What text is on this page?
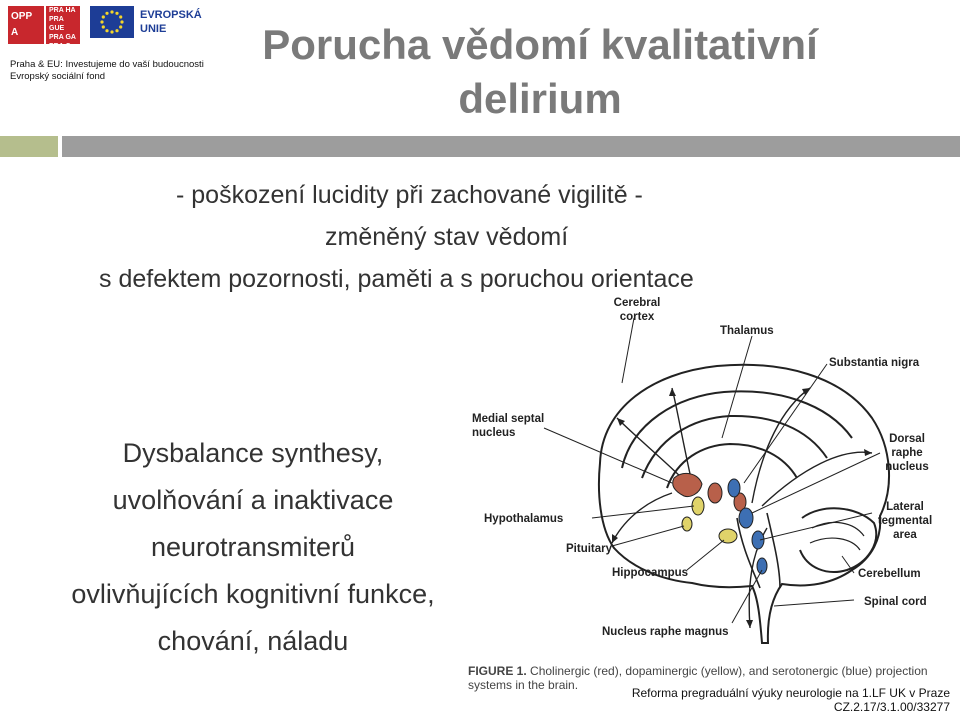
OPP
A
PRA HA
PRA GUE
PRA GA
PRA G
EVROPSKÁ UNIE
Praha & EU: Investujeme do vaší budoucnosti
Evropský sociální fond
Porucha vědomí kvalitativní
delirium
- poškození lucidity při zachované vigilitě -
změněný stav vědomí
s defektem pozornosti, paměti a s poruchou orientace
Dysbalance synthesy,
uvolňování a inaktivace
neurotransmiterů
ovlivňujících kognitivní funkce,
chování, náladu
Cerebral cortex
Thalamus
Substantia nigra
Medial septal nucleus	Dorsal raphe nucleus
Hypothalamus
Lateral tegmental area
Pituitary
Hippocampus	Cerebellum
Spinal cord
Nucleus raphe magnus
FIGURE 1. Cholinergic (red), dopaminergic (yellow), and serotonergic (blue) projection
systems in the brain.
Reforma pregraduální výuky neurologie na 1.LF UK v Praze
CZ.2.17/3.1.00/33277
